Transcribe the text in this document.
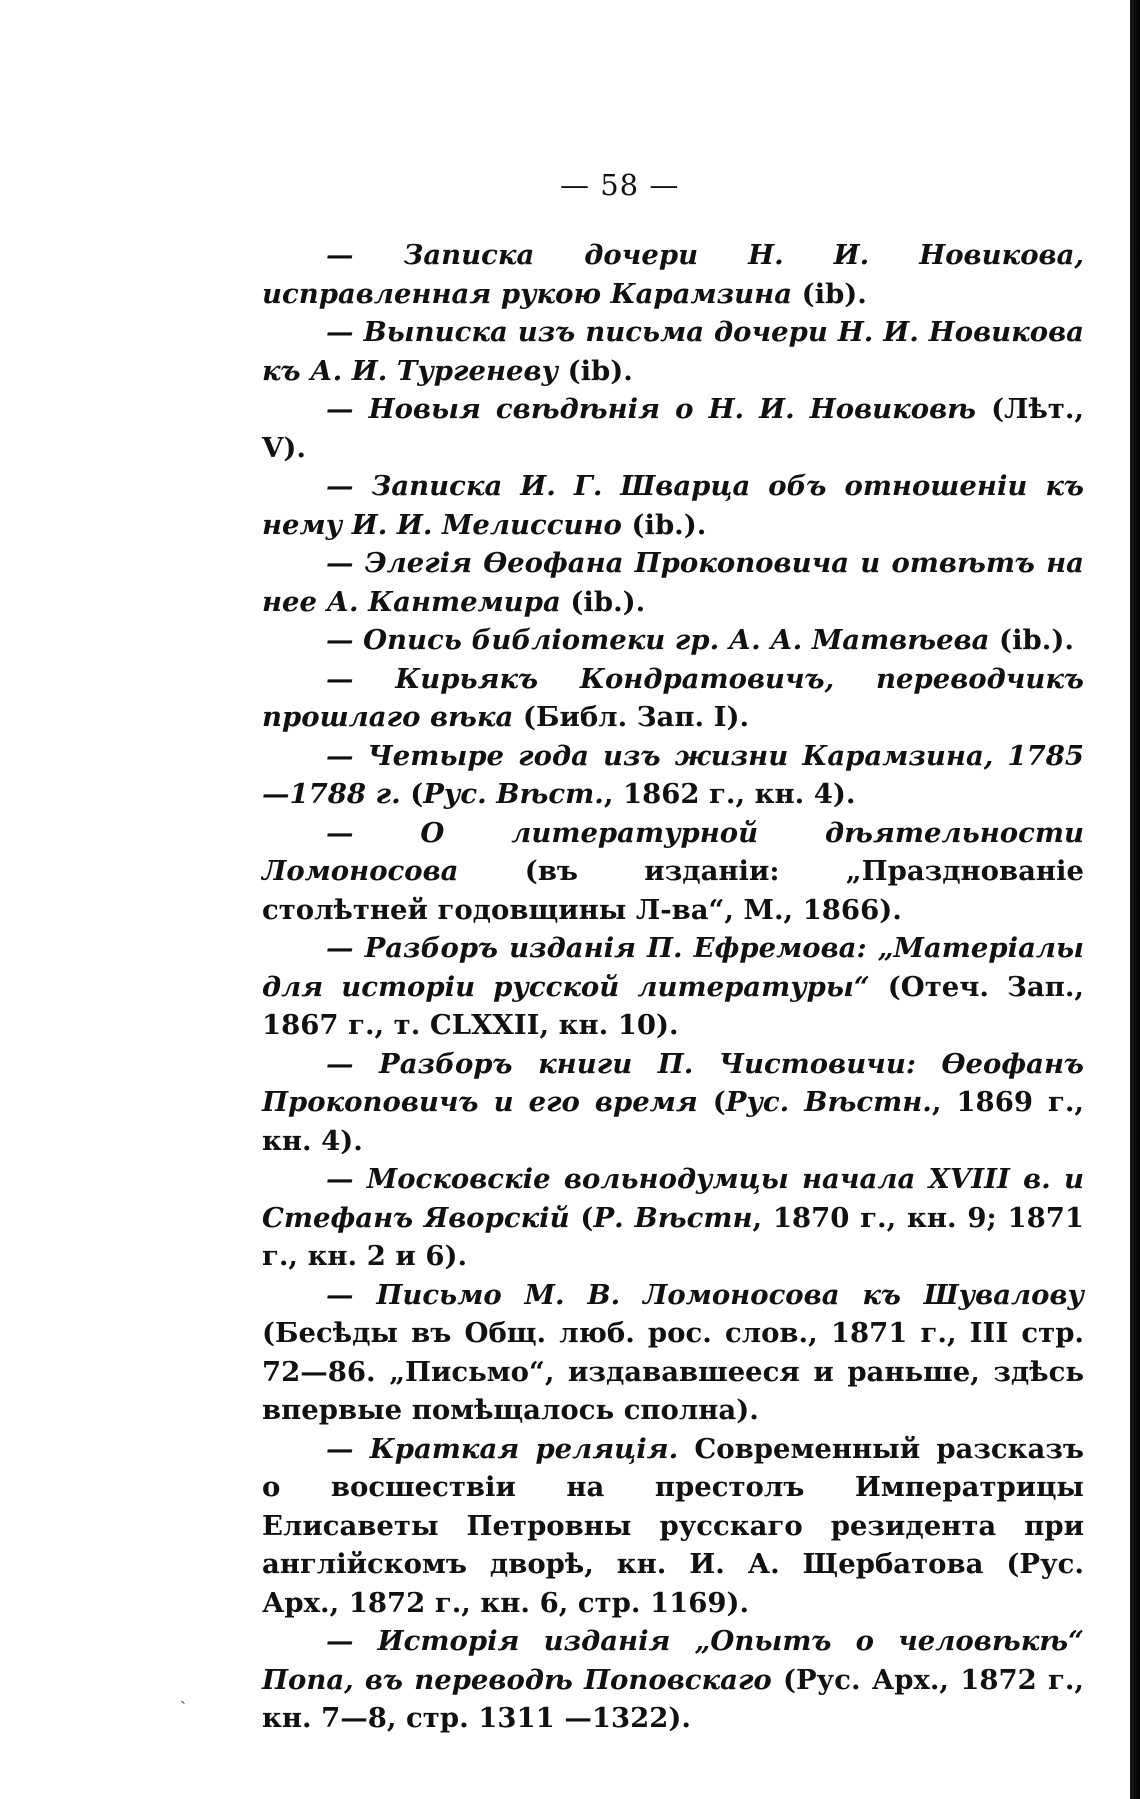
— 58 —

— Записка дочери Н. И. Новикова, исправленная рукою Карамзина (ib).

— Выписка изъ письма дочери Н. И. Новикова къ А. И. Тургеневу (ib).

— Новыя свѣдѣнія о Н. И. Новиковѣ (Лѣт., V).

— Записка И. Г. Шварца объ отношеніи къ нему И. И. Мелиссино (ib.).

— Элегія Ѳеофана Прокоповича и отвѣтъ на нее А. Кантемира (ib.).

— Опись библіотеки гр. А. А. Матвѣева (ib.).

— Кирьякъ Кондратовичъ, переводчикъ прошлаго вѣка (Библ. Зап. I).

— Четыре года изъ жизни Карамзина, 1785—1788 г. (Рус. Вѣст., 1862 г., кн. 4).

— О литературной дѣятельности Ломоносова (въ изданіи: „Празднованіе столѣтней годовщины Л-ва“, М., 1866).

— Разборъ изданія П. Ефремова: „Матеріалы для исторіи русской литературы“ (Отеч. Зап., 1867 г., т. CLXXII, кн. 10).

— Разборъ книги П. Чистовичи: Ѳеофанъ Прокоповичъ и его время (Рус. Вѣстн., 1869 г., кн. 4).

— Московскіе вольнодумцы начала XVIII в. и Стефанъ Яворскій (Р. Вѣстн, 1870 г., кн. 9; 1871 г., кн. 2 и 6).

— Письмо М. В. Ломоносова къ Шувалову (Бесѣды въ Общ. люб. рос. слов., 1871 г., III стр. 72—86. „Письмо“, издававшееся и раньше, здѣсь впервые помѣщалось сполна).

— Краткая реляція. Современный разсказъ о восшествіи на престолъ Императрицы Елисаветы Петровны русскаго резидента при англійскомъ дворѣ, кн. И. А. Щербатова (Рус. Арх., 1872 г., кн. 6, стр. 1169).

— Исторія изданія „Опытъ о человѣкѣ“ Попа, въ переводѣ Поповскаго (Рус. Арх., 1872 г., кн. 7—8, стр. 1311 —1322).

ˏ
